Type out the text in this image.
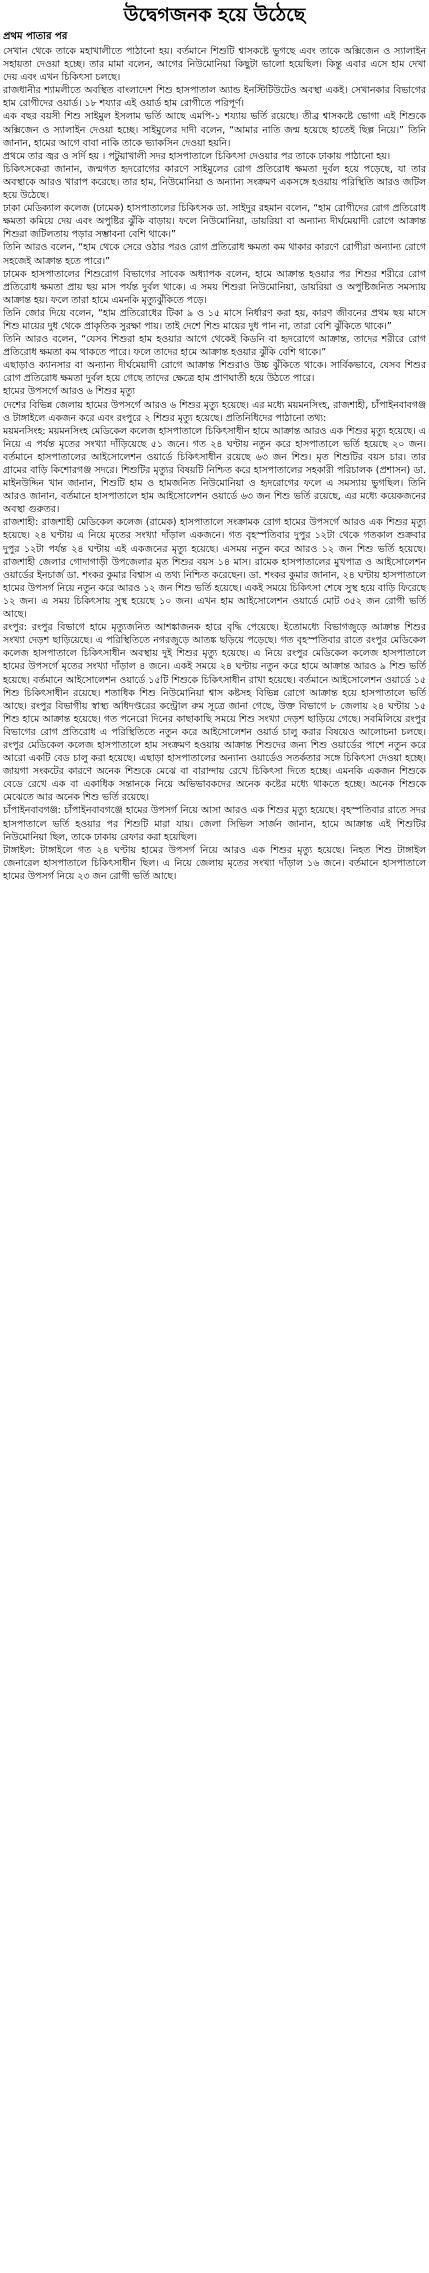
উদ্বেগজনক হয়ে উঠেছে
প্রথম পাতার পর

সেখান থেকে তাকে মহাখালীতে পাঠানো হয়। বর্তমানে শিশুটি শ্বাসকষ্টে ভুগছে এবং তাকে অক্সিজেন ও স্যালাইন সহায়তা দেওয়া হচ্ছে। তার মামা বলেন, আগের নিউমোনিয়া কিছুটা ভালো হয়েছিল। কিন্তু এবার এসে হাম দেখা দেয় এবং এখন চিকিৎসা চলছে।

রাজধানীর শ্যামলীতে অবস্থিত বাংলাদেশ শিশু হাসপাতাল অ্যান্ড ইনস্টিটিউটেও অবস্থা একই। সেখানকার বিভাগের হাম রোগীদের ওয়ার্ড। ১৮ শয্যার এই ওয়ার্ড হাম রোগীতে পরিপূর্ণ।

এক বছর বয়সী শিশু সাইমুল ইসলাম ভর্তি আছে এমপি-১ শয্যায় ভর্তি রয়েছে। তীব্র শ্বাসকষ্টে ভোগা এই শিশুকে অক্সিজেন ও স্যালাইন দেওয়া হচ্ছে। সাইমুলের দাদী বলেন, “আমার নাতি জন্ম হয়েছে হাতেই ছিল্প নিয়ে।” তিনি জানান, হামের আগে বাবা নাকি তাকে ভ্যাকসিন দেওয়া হয়নি।

প্রথমে তার জ্বর ও সর্দি হয় । পটুয়াখালী সদর হাসপাতালে চিকিৎসা দেওয়ার পর তাকে ঢাকায় পাঠানো হয়।

চিকিৎসকেরা জানান, জন্মগত হৃদরোগের কারণে সাইমুলের রোগ প্রতিরোধ ক্ষমতা দুর্বল হয়ে পড়েছে, যা তার অবস্থাকে আরও খারাপ করেছে। তার হাম, নিউমোনিয়া ও অন্যান্য সংক্রমণ একসঙ্গে হওয়ায় পরিস্থিতি আরও জটিল হয়ে উঠেছে।

ঢাকা মেডিক্যাল কলেজ (ঢামেক) হাসপাতালের চিকিৎসক ডা. সাইদুর রহমান বলেন, “হাম রোগীদের রোগ প্রতিরোধ ক্ষমতা কমিয়ে দেয় এবং অপুষ্টির ঝুঁকি বাড়ায়। ফলে নিউমোনিয়া, ডায়রিয়া বা অন্যান্য দীর্ঘমেয়াদী রোগে আক্রান্ত শিশুরা জটিলতায় পড়ার সম্ভাবনা বেশি থাকে।”

তিনি আরও বলেন, “হাম থেকে সেরে ওঠার পরও রোগ প্রতিরোধ ক্ষমতা কম থাকার কারণে রোগীরা অন্যান্য রোগে সহজেই আক্রান্ত হতে পারে।”

ঢামেক হাসপাতালের শিশুরোগ বিভাগের সাবেক অধ্যাপক বলেন, হামে আক্রান্ত হওয়ার পর শিশুর শরীরে রোগ প্রতিরোধ ক্ষমতা প্রায় ছয় মাস পর্যন্ত দুর্বল থাকে। এ সময় শিশুরা নিউমোনিয়া, ডায়রিয়া ও অপুষ্টিজনিত সমস্যায় আক্রান্ত হয়। ফলে তারা হামে এমনকি মৃত্যুঝুঁকিতে পড়ে।

তিনি জোর দিয়ে বলেন, “হাম প্রতিরোধের টিকা ৯ ও ১৫ মাসে নির্ধারণ করা হয়, কারণ জীবনের প্রথম ছয় মাসে শিশু মায়ের দুধ থেকে প্রাকৃতিক সুরক্ষা পায়। তাই দেশে শিশু মায়ের দুধ পান না, তারা বেশি ঝুঁকিতে থাকে।”

তিনি আরও বলেন, “যেসব শিশুরা হাম হওয়ার আগে থেকেই কিডনি বা হৃদরোগে আক্রান্ত, তাদের শরীরে রোগ প্রতিরোধ ক্ষমতা কম থাকতে পারে। ফলে তাদের হামে আক্রান্ত হওয়ার ঝুঁকি বেশি থাকে।”

এছাড়াও ক্যানসার বা অন্যান্য দীর্ঘমেয়াদী রোগে আক্রান্ত শিশুরাও উচ্চ ঝুঁকিতে থাকে। সার্বিকভাবে, যেসব শিশুর রোগ প্রতিরোধ ক্ষমতা দুর্বল হয়ে গেছে তাদের ক্ষেত্রে হাম প্রাণঘাতী হয়ে উঠতে পারে।

হামের উপসর্গে আরও ৬ শিশুর মৃত্যু

দেশের বিভিন্ন জেলায় হামের উপসর্গে আরও ৬ শিশুর মৃত্যু হয়েছে। এর মধ্যে ময়মনসিংহ, রাজশাহী, চাঁপাইনবাবগঞ্জ ও টাঙ্গাইলে একজন করে এবং রংপুরে ২ শিশুর মৃত্যু হয়েছে। প্রতিনিধিদের পাঠানো তথ্য:

ময়মনসিংহ: ময়মনসিংহ মেডিকেল কলেজ হাসপাতালে চিকিৎসাধীন হামে আক্রান্ত আরও এক শিশুর মৃত্যু হয়েছে। এ নিয়ে এ পর্যন্ত মৃতের সংখ্যা দাঁড়িয়েছে ৫১ জনে। গত ২৪ ঘণ্টায় নতুন করে হাসপাতালে ভর্তি হয়েছে ২০ জন। বর্তমানে হাসপাতালের আইসোলেশন ওয়ার্ডে চিকিৎসাধীন রয়েছে ৬৩ জন শিশু। মৃত শিশুটির বয়স চার। তার গ্রামের বাড়ি কিশোরগঞ্জ সদরে। শিশুটির মৃত্যুর বিষয়টি নিশ্চিত করে হাসপাতালের সহকারী পরিচালক (প্রশাসন) ডা. মাইনউদ্দিন খান জানান, শিশুটি হাম ও হামজনিত নিউমোনিয়া ও হৃদরোগের ফলে এ সমস্যায় ভুগছিল। তিনি আরও জানান, বর্তমানে হাসপাতালে হাম আইসোলেশন ওয়ার্ডে ৬৩ জন শিশু ভর্তি রয়েছে, এর মধ্যে কয়েকজনের অবস্থা গুরুতর।

রাজশাহী: রাজশাহী মেডিকেল কলেজ (রামেক) হাসপাতালে সংক্রামক রোগ হামের উপসর্গে আরও এক শিশুর মৃত্যু হয়েছে। ২৪ ঘণ্টায় এ নিয়ে মৃতের সংখ্যা দাঁড়াল একজনে। গত বৃহস্পতিবার দুপুর ১২টা থেকে গতকাল শুক্রবার দুপুর ১২টা পর্যন্ত ২৪ ঘণ্টায় এই একজনের মৃত্যু হয়েছে। এসময় নতুন করে আরও ১২ জন শিশু ভর্তি হয়েছে। রাজশাহী জেলার গোদাগাড়ী উপজেলার মৃত শিশুর বয়স ১৪ মাস। রামেক হাসপাতালের মুখপাত্র ও আইসোলেশন ওয়ার্ডের ইনচার্জ ডা. শংকর কুমার বিশ্বাস এ তথ্য নিশ্চিত করেছেন। ডা. শংকর কুমার জানান, ২৪ ঘণ্টায় হাসপাতালে হামের উপসর্গ নিয়ে নতুন করে আরও ১২ জন শিশু ভর্তি হয়েছে। একই সময়ে চিকিৎসা শেষে সুস্থ হয়ে বাড়ি ফিরেছে ১২ জন। এ সময় চিকিৎসায় সুস্থ হয়েছে ১০ জন। এখন হাম আইসোলেশন ওয়ার্ডে মোট ৩৫২ জন রোগী ভর্তি আছে।

রংপুর: রংপুর বিভাগে হামে মৃত্যুজনিত আশঙ্কাজনক হারে বৃদ্ধি পেয়েছে। ইতোমধ্যে বিভাগজুড়ে আক্রান্ত শিশুর সংখ্যা দেড়শ ছাড়িয়েছে। এ পরিস্থিতিতে নগরজুড়ে আতঙ্ক ছড়িয়ে পড়েছে। গত বৃহস্পতিবার রাতে রংপুর মেডিকেল কলেজ হাসপাতালে চিকিৎসাধীন অবস্থায় দুই শিশুর মৃত্যু হয়েছে। এ নিয়ে রংপুর মেডিকেল কলেজ হাসপাতালে হামের উপসর্গে মৃতের সংখ্যা দাঁড়াল ৪ জনে। একই সময়ে ২৪ ঘণ্টায় নতুন করে হামে আক্রান্ত আরও ৯ শিশু ভর্তি হয়েছে। বর্তমানে আইসোলেশন ওয়ার্ডে ১৫টি শিশুকে চিকিৎসাধীন রাখা হয়েছে। বর্তমানে আইসোলেশন ওয়ার্ডে ১৫ শিশু চিকিৎসাধীন রয়েছে। শতাধিক শিশু নিউমোনিয়া শ্বাস কষ্টসহ বিভিন্ন রোগে আক্রান্ত হয়ে হাসপাতালে ভর্তি আছে। রংপুর বিভাগীয় স্বাস্থ্য অধিদপ্তরের কন্ট্রোল রুম সূত্রে জানা গেছে, উক্ত বিভাগে ৮ জেলায় ২৪ ঘণ্টায় ১৫ শিশু হামে আক্রান্ত হয়েছে। গত পনেরো দিনের কাছাকাছি সময়ে শিশু সংখ্যা দেড়শ ছাড়িয়ে গেছে। সবমিলিয়ে রংপুর বিভাগের রোগ প্রতিরোধ এ পরিস্থিতিতে নতুন করে আইসোলেশন ওয়ার্ড চালু করার বিষয়েও আলোচনা চলছে। রংপুর মেডিকেল কলেজ হাসপাতালে হাম সংক্রমণ হওয়ায় আক্রান্ত শিশুদের জন্য শিশু ওয়ার্ডের পাশে নতুন করে আরো একটি বেড চালু করা হয়েছে। এছাড়া হাসপাতালের অন্যান্য ওয়ার্ডেও সতর্কতার সঙ্গে চিকিৎসা দেওয়া হচ্ছে। জায়গা সংকটের কারণে অনেক শিশুকে মেঝে বা বারান্দায় রেখে চিকিৎসা দিতে হচ্ছে। এমনকি একজন শিশুকে বেডে রেখে এক বা একাধিক সন্তানকে নিয়ে অভিভাবকদের অনেক কষ্টের মধ্যে থাকতে হচ্ছে। অনেক শিশুকে মেঝেতে আর অনেক শিশু ভর্তি রয়েছে।

চাঁপাইনবাবগঞ্জ: চাঁপাইনবাবগঞ্জে হামের উপসর্গ নিয়ে আসা আরও এক শিশুর মৃত্যু হয়েছে। বৃহস্পতিবার রাতে সদর হাসপাতালে ভর্তি হওয়ার পর শিশুটি মারা যায়। জেলা সিভিল সার্জন জানান, হামে আক্রান্ত এই শিশুটির নিউমোনিয়া ছিল, তাকে ঢাকায় রেফার করা হয়েছিল।

টাঙ্গাইল: টাঙ্গাইলে গত ২৪ ঘণ্টায় হামের উপসর্গ নিয়ে আরও এক শিশুর মৃত্যু হয়েছে। নিহত শিশু টাঙ্গাইল জেনারেল হাসপাতালে চিকিৎসাধীন ছিল। এ নিয়ে জেলায় মৃতের সংখ্যা দাঁড়াল ১৬ জনে। বর্তমানে হাসপাতালে হামের উপসর্গ নিয়ে ২৩ জন রোগী ভর্তি আছে।
